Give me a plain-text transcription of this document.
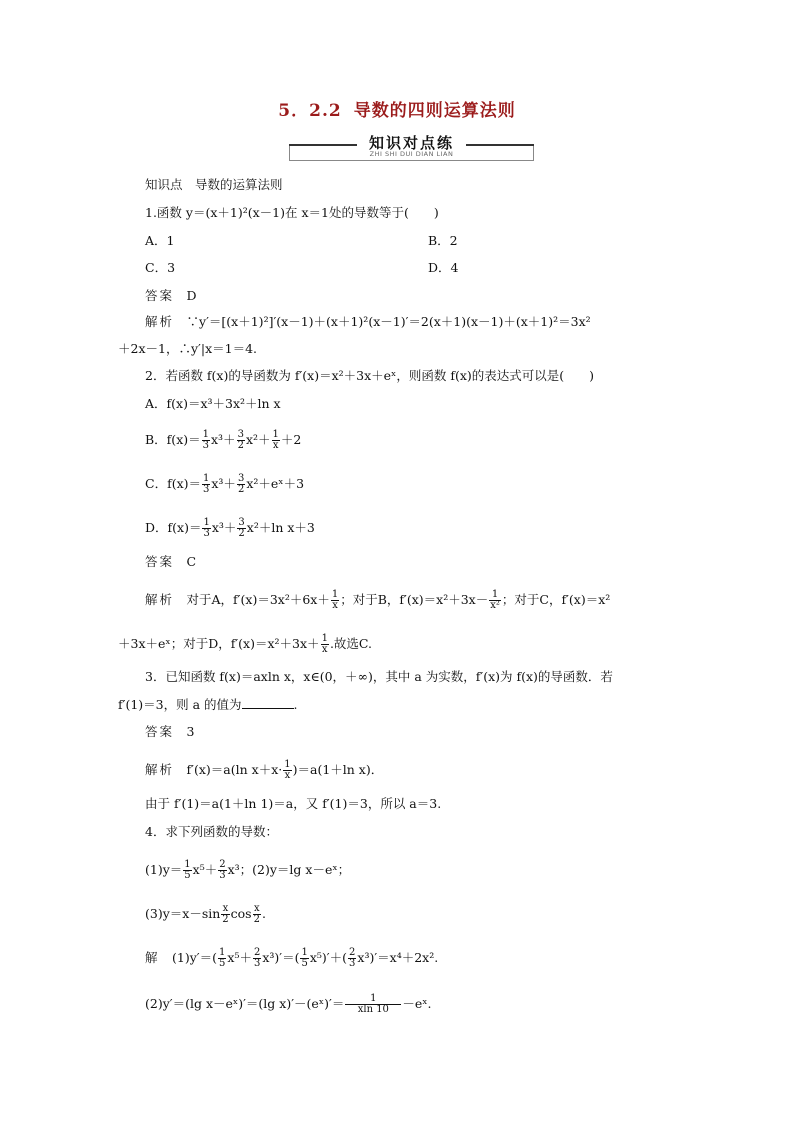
5．2.2 导数的四则运算法则
知识对点练
ZHI SHI DUI DIAN LIAN
知识点　 导数的运算法则
1.函数 y＝(x＋1)²(x－1)在 x＝1处的导数等于(　　)
A．1	B．2
C．3	D．4
答案　 D
解析　 ∵y′＝[(x＋1)²]′(x－1)＋(x＋1)²(x－1)′＝2(x＋1)(x－1)＋(x＋1)²＝3x²
＋2x－1，∴y′|x＝1＝4.
2．若函数 f(x)的导函数为 f′(x)＝x²＋3x＋eˣ，则函数 f(x)的表达式可以是(　　)
A．f(x)＝x³＋3x²＋ln x
B．$f(x)= \frac{1}{3} x^3+ \frac{3}{2} x^2+ \frac{1}{x} +2$
C．$f(x)= \frac{1}{3} x^3+ \frac{3}{2}$ x²＋eˣ＋3
D．$f(x)= \frac{1}{3} x^3+ \frac{3}{2} x^2+\ln$ x＋3
答案　 C
解析　 对于A，$f'(x)=3x^2+6x+ \frac{1}{x}$ ；对于B，$f'(x)=x^2+3x- \frac{1}{\text{x²}}$ ；对于C，f′(x)＝x²
＋3x＋eˣ；对于D，$f'(x)=x^2+3x+ \frac{1}{x}$ .故选C.
3．已知函数 f(x)＝axln x，x∈(0，＋∞)，其中 a 为实数，f′(x)为 f(x)的导函数．若
f′(1)＝3，则 a 的值为	.
答案　 3
解析　 f′(x)＝a(ln $x+x\cdot \frac{1}{x} )=a(1+\ln$ x)．
由于 f′(1)＝a(1＋ln 1)＝a，又 f′(1)＝3，所以 a＝3.
4．求下列函数的导数：
$(1)y= \frac{1}{5} x^5+ \frac{2}{3} x^3$；(2)y＝lg x－eˣ；
$(3)y=x-\sin \frac{x}{2}$ $\cos \frac{x}{2}$ .
解　 $(1)y'=( \frac{1}{5} x^5+ \frac{2}{3} x^3)'=( \frac{1}{5} x^5)'+( \frac{2}{3} x^3)'=x^4+2x^2$.
(2)y′＝(lg x－eˣ)′＝(lg x)′－(eˣ)′＝ $\frac{1}{xln 10}$ －eˣ.
